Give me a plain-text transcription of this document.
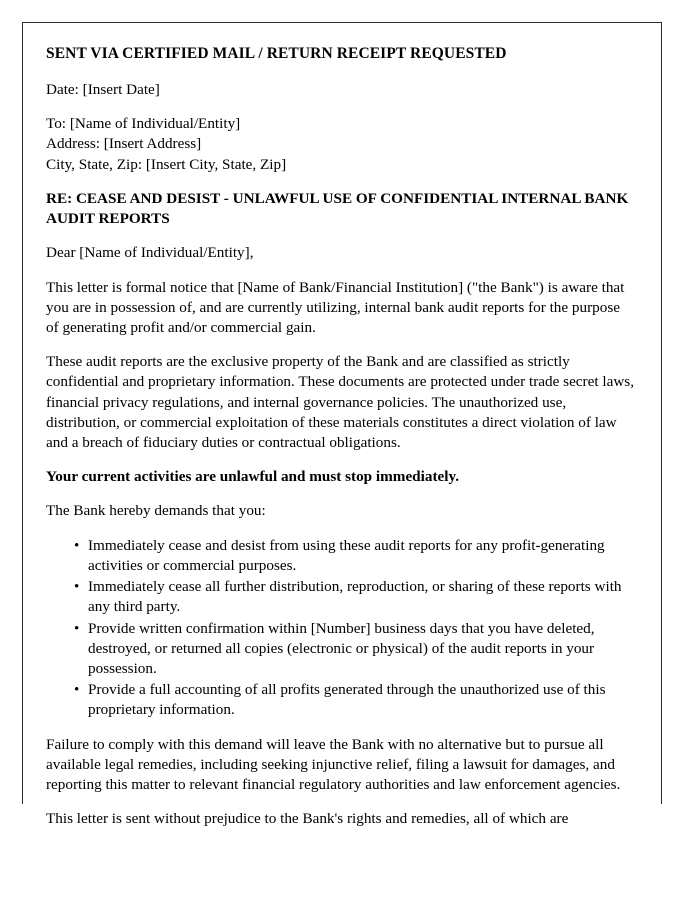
SENT VIA CERTIFIED MAIL / RETURN RECEIPT REQUESTED

Date: [Insert Date]

To: [Name of Individual/Entity]

Address: [Insert Address]

City, State, Zip: [Insert City, State, Zip]

RE: CEASE AND DESIST - UNLAWFUL USE OF CONFIDENTIAL INTERNAL BANK AUDIT REPORTS

Dear [Name of Individual/Entity],

This letter is formal notice that [Name of Bank/Financial Institution] ("the Bank") is aware that you are in possession of, and are currently utilizing, internal bank audit reports for the purpose of generating profit and/or commercial gain.

These audit reports are the exclusive property of the Bank and are classified as strictly confidential and proprietary information. These documents are protected under trade secret laws, financial privacy regulations, and internal governance policies. The unauthorized use, distribution, or commercial exploitation of these materials constitutes a direct violation of law and a breach of fiduciary duties or contractual obligations.

Your current activities are unlawful and must stop immediately.

The Bank hereby demands that you:

• Immediately cease and desist from using these audit reports for any profit-generating activities or commercial purposes.
• Immediately cease all further distribution, reproduction, or sharing of these reports with any third party.
• Provide written confirmation within [Number] business days that you have deleted, destroyed, or returned all copies (electronic or physical) of the audit reports in your possession.
• Provide a full accounting of all profits generated through the unauthorized use of this proprietary information.

Failure to comply with this demand will leave the Bank with no alternative but to pursue all available legal remedies, including seeking injunctive relief, filing a lawsuit for damages, and reporting this matter to relevant financial regulatory authorities and law enforcement agencies.

This letter is sent without prejudice to the Bank's rights and remedies, all of which are
